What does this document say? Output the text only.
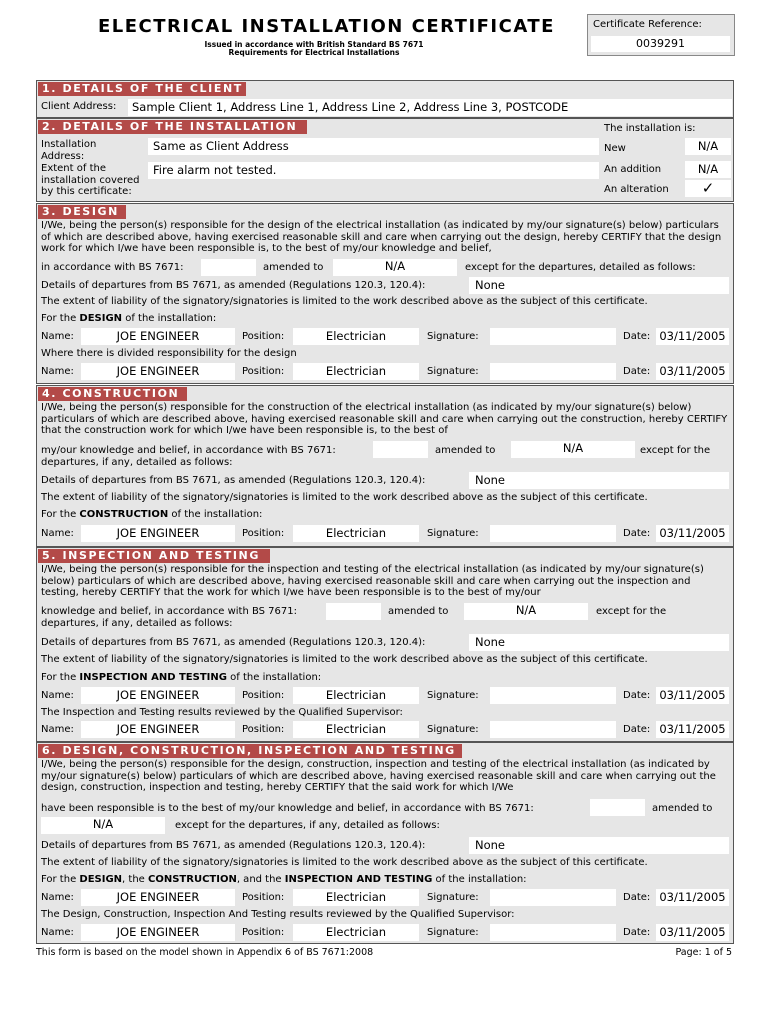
ELECTRICAL INSTALLATION CERTIFICATE
Issued in accordance with British Standard BS 7671
Requirements for Electrical Installations
Certificate Reference:
0039291
1. DETAILS OF THE CLIENT
Client Address:	Sample Client 1, Address Line 1, Address Line 2, Address Line 3, POSTCODE
2. DETAILS OF THE INSTALLATION	The installation is:
Installation Address:
Same as Client Address
Extent of the installation covered by this certificate:
Fire alarm not tested.
New	N/A
An addition	N/A
An alteration	✓
3. DESIGN
I/We, being the person(s) responsible for the design of the electrical installation (as indicated by my/our signature(s) below) particulars of which are described above, having exercised reasonable skill and care when carrying out the design, hereby CERTIFY that the design work for which I/we have been responsible is, to the best of my/our knowledge and belief,
in accordance with BS 7671:	amended to	N/A	except for the departures, detailed as follows:
Details of departures from BS 7671, as amended (Regulations 120.3, 120.4):	None
The extent of liability of the signatory/signatories is limited to the work described above as the subject of this certificate.
For the DESIGN of the installation:
Name:	JOE ENGINEER	Position:	Electrician	Signature:	Date: 03/11/2005
Where there is divided responsibility for the design
Name:	JOE ENGINEER	Position:	Electrician	Signature:	Date: 03/11/2005
4. CONSTRUCTION
I/We, being the person(s) responsible for the construction of the electrical installation (as indicated by my/our signature(s) below) particulars of which are described above, having exercised reasonable skill and care when carrying out the construction, hereby CERTIFY that the construction work for which I/we have been responsible is, to the best of
my/our knowledge and belief, in accordance with BS 7671:	amended to	N/A	except for the
departures, if any, detailed as follows:
Details of departures from BS 7671, as amended (Regulations 120.3, 120.4):	None
The extent of liability of the signatory/signatories is limited to the work described above as the subject of this certificate.
For the CONSTRUCTION of the installation:
Name:	JOE ENGINEER	Position:	Electrician	Signature:	Date: 03/11/2005
5. INSPECTION AND TESTING
I/We, being the person(s) responsible for the inspection and testing of the electrical installation (as indicated by my/our signature(s) below) particulars of which are described above, having exercised reasonable skill and care when carrying out the inspection and testing, hereby CERTIFY that the work for which I/we have been responsible is to the best of my/our
knowledge and belief, in accordance with BS 7671:	amended to	N/A	except for the
departures, if any, detailed as follows:
Details of departures from BS 7671, as amended (Regulations 120.3, 120.4):	None
The extent of liability of the signatory/signatories is limited to the work described above as the subject of this certificate.
For the INSPECTION AND TESTING of the installation:
Name:	JOE ENGINEER	Position:	Electrician	Signature:	Date: 03/11/2005
The Inspection and Testing results reviewed by the Qualified Supervisor:
Name:	JOE ENGINEER	Position:	Electrician	Signature:	Date: 03/11/2005
6. DESIGN, CONSTRUCTION, INSPECTION AND TESTING
I/We, being the person(s) responsible for the design, construction, inspection and testing of the electrical installation (as indicated by my/our signature(s) below) particulars of which are described above, having exercised reasonable skill and care when carrying out the design, construction, inspection and testing, hereby CERTIFY that the said work for which I/We
have been responsible is to the best of my/our knowledge and belief, in accordance with BS 7671:	amended to
N/A	except for the departures, if any, detailed as follows:
Details of departures from BS 7671, as amended (Regulations 120.3, 120.4):	None
The extent of liability of the signatory/signatories is limited to the work described above as the subject of this certificate.
For the DESIGN, the CONSTRUCTION, and the INSPECTION AND TESTING of the installation:
Name:	JOE ENGINEER	Position:	Electrician	Signature:	Date: 03/11/2005
The Design, Construction, Inspection And Testing results reviewed by the Qualified Supervisor:
Name:	JOE ENGINEER	Position:	Electrician	Signature:	Date: 03/11/2005
This form is based on the model shown in Appendix 6 of BS 7671:2008	Page: 1 of 5
